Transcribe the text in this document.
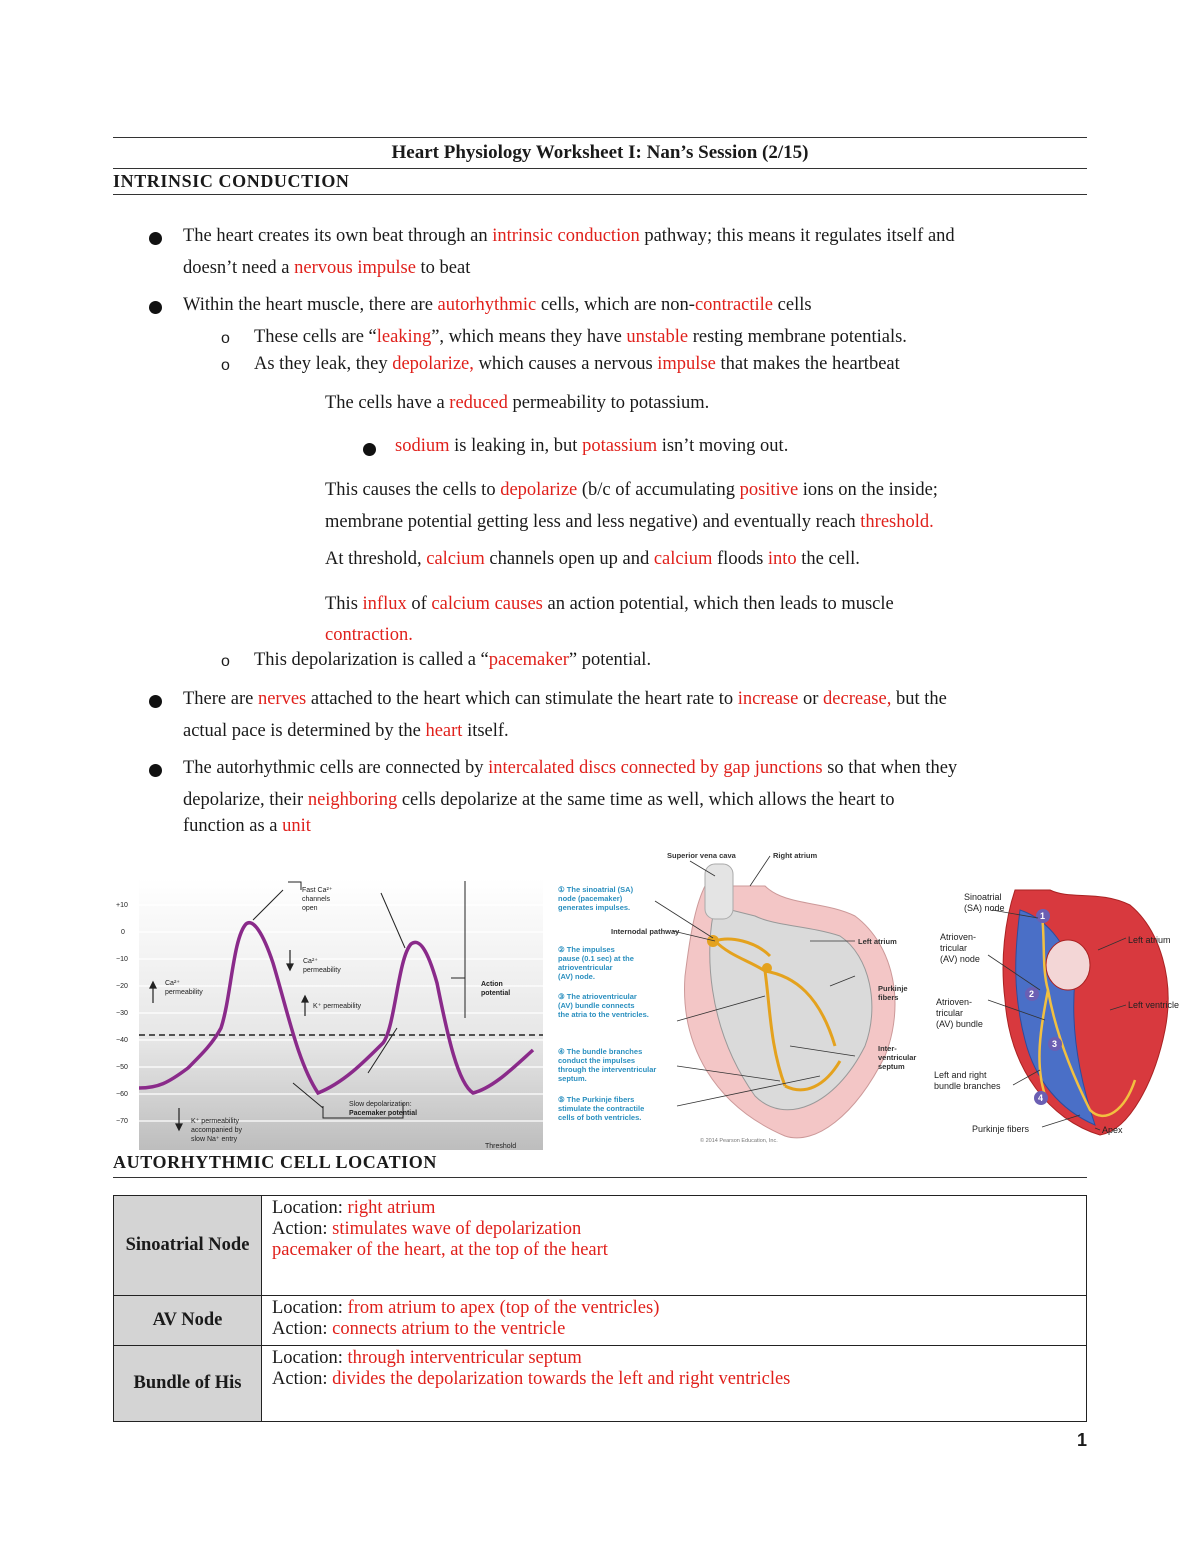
Heart Physiology Worksheet I: Nan’s Session (2/15)
INTRINSIC CONDUCTION
The heart creates its own beat through an intrinsic conduction pathway; this means it regulates itself and
doesn’t need a nervous impulse to beat
Within the heart muscle, there are autorhythmic cells, which are non-contractile cells
o These cells are “leaking”, which means they have unstable resting membrane potentials.
o As they leak, they depolarize, which causes a nervous impulse that makes the heartbeat
The cells have a reduced permeability to potassium.
sodium is leaking in, but potassium isn’t moving out.
This causes the cells to depolarize (b/c of accumulating positive ions on the inside;
membrane potential getting less and less negative) and eventually reach threshold.
At threshold, calcium channels open up and calcium floods into the cell.
This influx of calcium causes an action potential, which then leads to muscle
contraction.
o This depolarization is called a “pacemaker” potential.
There are nerves attached to the heart which can stimulate the heart rate to increase or decrease, but the
actual pace is determined by the heart itself.
The autorhythmic cells are connected by intercalated discs connected by gap junctions so that when they
depolarize, their neighboring cells depolarize at the same time as well, which allows the heart to
function as a unit
+10
0
−10
−20
−30
−40
−50
−60
−70
Fast Ca²⁺
channels
open
Ca²⁺
permeability
Ca²⁺
permeability
K⁺ permeability
Action
potential
K⁺ permeability
accompanied by
slow Na⁺ entry
Slow depolarization:
Pacemaker potential
Threshold
Superior vena cava	Right atrium
Internodal pathway
Left atrium
Purkinje
fibers
Inter-
ventricular
septum
① The sinoatrial (SA)
node (pacemaker)
generates impulses.
② The impulses
pause (0.1 sec) at the
atrioventricular
(AV) node.
③ The atrioventricular
(AV) bundle connects
the atria to the ventricles.
④ The bundle branches
conduct the impulses
through the interventricular
septum.
⑤ The Purkinje fibers
stimulate the contractile
cells of both ventricles.
© 2014 Pearson Education, Inc.
1
2
3
4
Sinoatrial
(SA) node
Atrioven-
tricular
(AV) node
Atrioven-
tricular
(AV) bundle
Left and right
bundle branches
Purkinje fibers
Left atrium
Left ventricle
Apex
AUTORHYTHMIC CELL LOCATION
Sinoatrial Node	Location: right atrium
Action: stimulates wave of depolarization
pacemaker of the heart, at the top of the heart

AV Node	Location: from atrium to apex (top of the ventricles)
Action: connects atrium to the ventricle

Bundle of His	Location: through interventricular septum
Action: divides the depolarization towards the left and right ventricles
1
